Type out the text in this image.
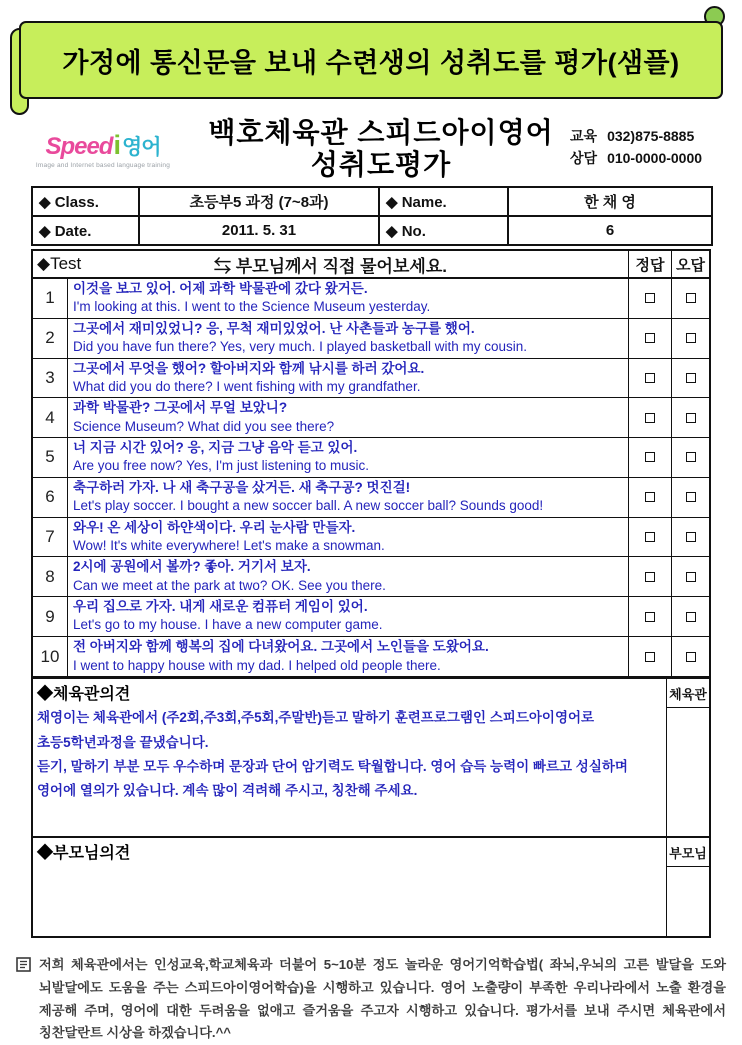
가정에 통신문을 보내 수련생의 성취도를 평가(샘플)
Speedi영어
Image and Internet based language training
백호체육관 스피드아이영어
성취도평가
교육 032)875-8885
상담 010-0000-0000
◆ Class.	초등부5 과정 (7~8과)	◆ Name.	한 채 영
◆ Date.	2011. 5. 31	◆ No.	6
◆Test	⇆ 부모님께서 직접 물어보세요.	정답 오답
1	이것을 보고 있어. 어제 과학 박물관에 갔다 왔거든.
I'm looking at this. I went to the Science Museum yesterday.
2	그곳에서 재미있었니? 응, 무척 재미있었어. 난 사촌들과 농구를 했어.
Did you have fun there? Yes, very much. I played basketball with my cousin.
3	그곳에서 무엇을 했어? 할아버지와 함께 낚시를 하러 갔어요.
What did you do there? I went fishing with my grandfather.
4	과학 박물관? 그곳에서 무얼 보았니?
Science Museum? What did you see there?
5	너 지금 시간 있어? 응, 지금 그냥 음악 듣고 있어.
Are you free now? Yes, I'm just listening to music.
6	축구하러 가자. 나 새 축구공을 샀거든. 새 축구공? 멋진걸!
Let's play soccer. I bought a new soccer ball. A new soccer ball? Sounds good!
7	와우! 온 세상이 하얀색이다. 우리 눈사람 만들자.
Wow! It's white everywhere! Let's make a snowman.
8	2시에 공원에서 볼까? 좋아. 거기서 보자.
Can we meet at the park at two? OK. See you there.
9	우리 집으로 가자. 내게 새로운 컴퓨터 게임이 있어.
Let's go to my house. I have a new computer game.
10
전 아버지와 함께 행복의 집에 다녀왔어요. 그곳에서 노인들을 도왔어요.
I went to happy house with my dad. I helped old people there.
◆체육관의견

채영이는 체육관에서 (주2회,주3회,주5회,주말반)듣고 말하기 훈련프로그램인 스피드아이영어로 초등5학년과정을 끝냈습니다.

듣기, 말하기 부분 모두 우수하며 문장과 단어 암기력도 탁월합니다. 영어 습득 능력이 빠르고 성실하며 영어에 열의가 있습니다. 계속 많이 격려해 주시고, 칭찬해 주세요.

체육관
◆부모님의견	부모님
저희 체육관에서는 인성교육,학교체육과 더불어 5~10분 정도 놀라운 영어기억학습법( 좌뇌,우뇌의 고른 발달을 도와 뇌발달에도 도움을 주는 스피드아이영어학습)을 시행하고 있습니다. 영어 노출량이 부족한 우리나라에서 노출 환경을 제공해 주며, 영어에 대한 두려움을 없애고 즐거움을 주고자 시행하고 있습니다. 평가서를 보내 주시면 체육관에서 칭찬달란트 시상을 하겠습니다.^^
